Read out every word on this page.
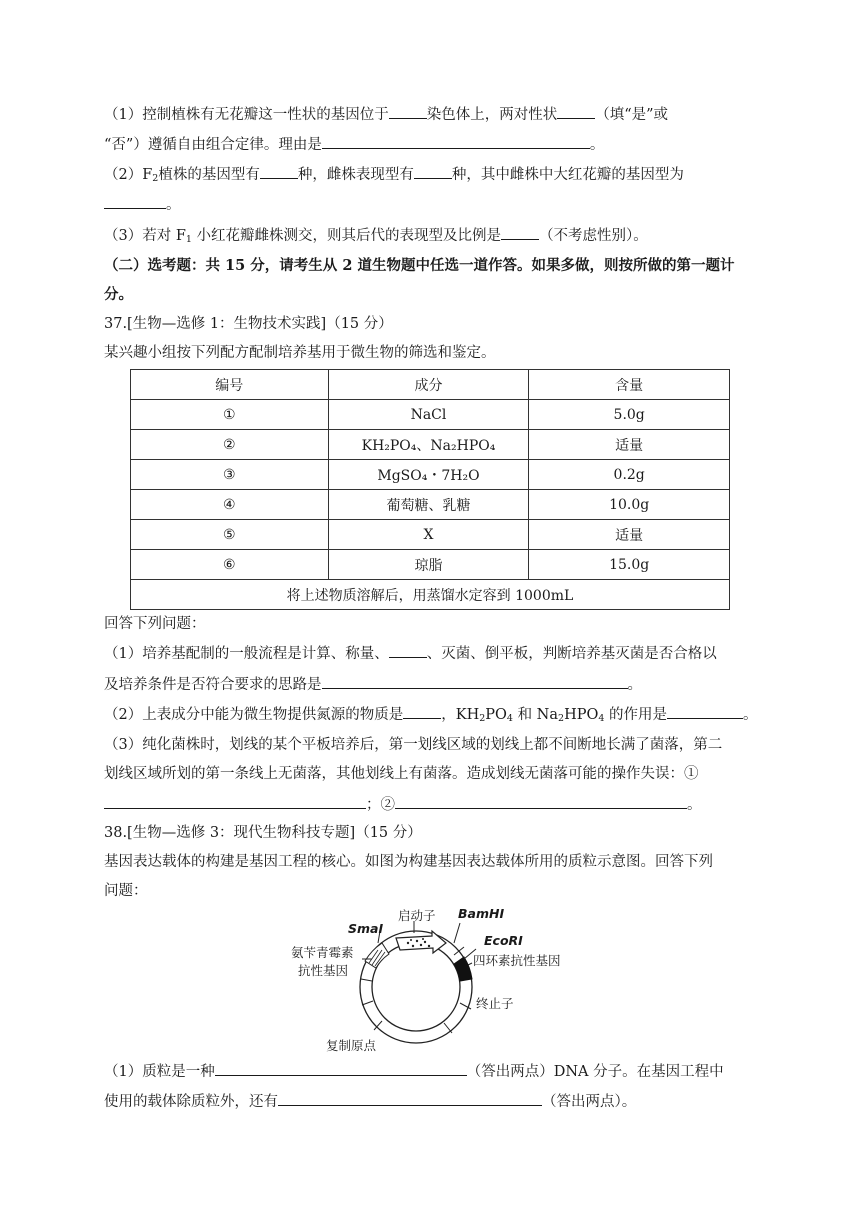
（1）控制植株有无花瓣这一性状的基因位于	染色体上，两对性状	（填“是”或
“否”）遵循自由组合定律。理由是	。
$(2)F_2$植株的基因型有	种，雌株表现型有	种，其中雌株中大红花瓣的基因型为
。
（3）若对 $F_1$ 小红花瓣雌株测交，则其后代的表现型及比例是	（不考虑性别）。
（二）选考题：共 15 分，请考生从 2 道生物题中任选一道作答。如果多做，则按所做的第一题计
分。
37.[生物—选修 1：生物技术实践]（15 分）
某兴趣小组按下列配方配制培养基用于微生物的筛选和鉴定。
编号	成分	含量
①	NaCl	5.0g
②	KH₂PO₄、Na₂HPO₄	适量
③	MgSO₄・7H₂O	0.2g
④	葡萄糖、乳糖	10.0g
⑤	X	适量
⑥	琼脂	15.0g
将上述物质溶解后，用蒸馏水定容到 1000mL		
回答下列问题：
（1）培养基配制的一般流程是计算、称量、	、灭菌、倒平板，判断培养基灭菌是否合格以
及培养条件是否符合要求的思路是	。
（2）上表成分中能为微生物提供氮源的物质是	，$KH_2PO_4$ 和 $Na_2HPO_4$ 的作用是	。
（3）纯化菌株时，划线的某个平板培养后，第一划线区域的划线上都不间断地长满了菌落，第二
划线区域所划的第一条线上无菌落，其他划线上有菌落。造成划线无菌落可能的操作失误：①
；②	。
38.[生物—选修 3：现代生物科技专题]（15 分）
基因表达载体的构建是基因工程的核心。如图为构建基因表达载体所用的质粒示意图。回答下列
问题：
SmaⅠ
启动子 BamHⅠ
EcoRⅠ
氨苄青霉素
抗性基因
四环素抗性基因
终止子
复制原点
（1）质粒是一种	（答出两点）DNA 分子。在基因工程中
使用的载体除质粒外，还有	（答出两点）。
